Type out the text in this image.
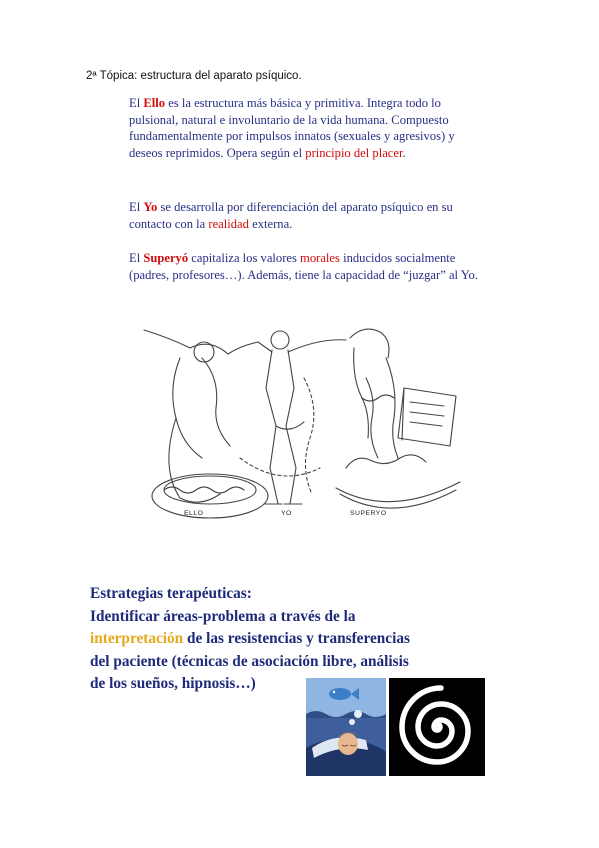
2ª Tópica: estructura del aparato psíquico.
El Ello es la estructura más básica y primitiva. Integra todo lo pulsional, natural e involuntario de la vida humana. Compuesto fundamentalmente por impulsos innatos (sexuales y agresivos) y deseos reprimidos. Opera según el principio del placer.
El Yo se desarrolla por diferenciación del aparato psíquico en su contacto con la realidad externa.
El Superyó capitaliza los valores morales inducidos socialmente (padres, profesores…). Además, tiene la capacidad de “juzgar” al Yo.
ELLO	YO	SUPERYO
Estrategias terapéuticas:
Identificar áreas-problema a través de la
interpretación de las resistencias y transferencias
del paciente (técnicas de asociación libre, análisis
de los sueños, hipnosis…)
